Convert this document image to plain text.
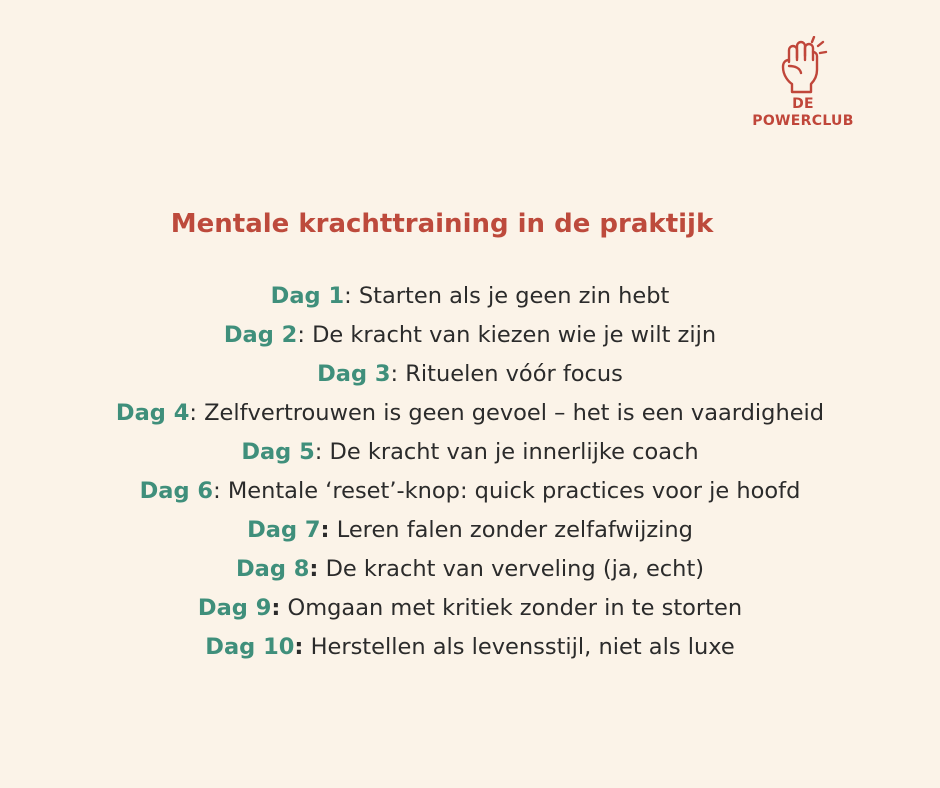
DE
POWERCLUB
Mentale krachttraining in de praktijk
Dag 1: Starten als je geen zin hebt
Dag 2: De kracht van kiezen wie je wilt zijn
Dag 3: Rituelen vóór focus
Dag 4: Zelfvertrouwen is geen gevoel – het is een vaardigheid
Dag 5: De kracht van je innerlijke coach
Dag 6: Mentale ‘reset’-knop: quick practices voor je hoofd
Dag 7: Leren falen zonder zelfafwijzing
Dag 8: De kracht van verveling (ja, echt)
Dag 9: Omgaan met kritiek zonder in te storten
Dag 10: Herstellen als levensstijl, niet als luxe
